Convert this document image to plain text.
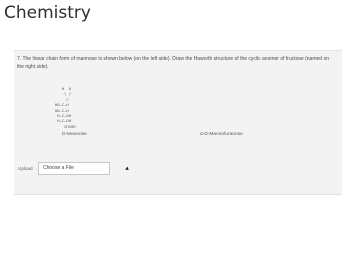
Chemistry
7. The linear chain form of mannose is shown below (on the left side). Draw the Haworth structure of the cyclic anomer of fructose (named on the right side).
H  O
\ /
C
HO—C—H
HO—C—H
H—C—OH
H—C—OH
CH2OH
D-Mannose	α-D-Mannofuranose
Upload	Choose a File
